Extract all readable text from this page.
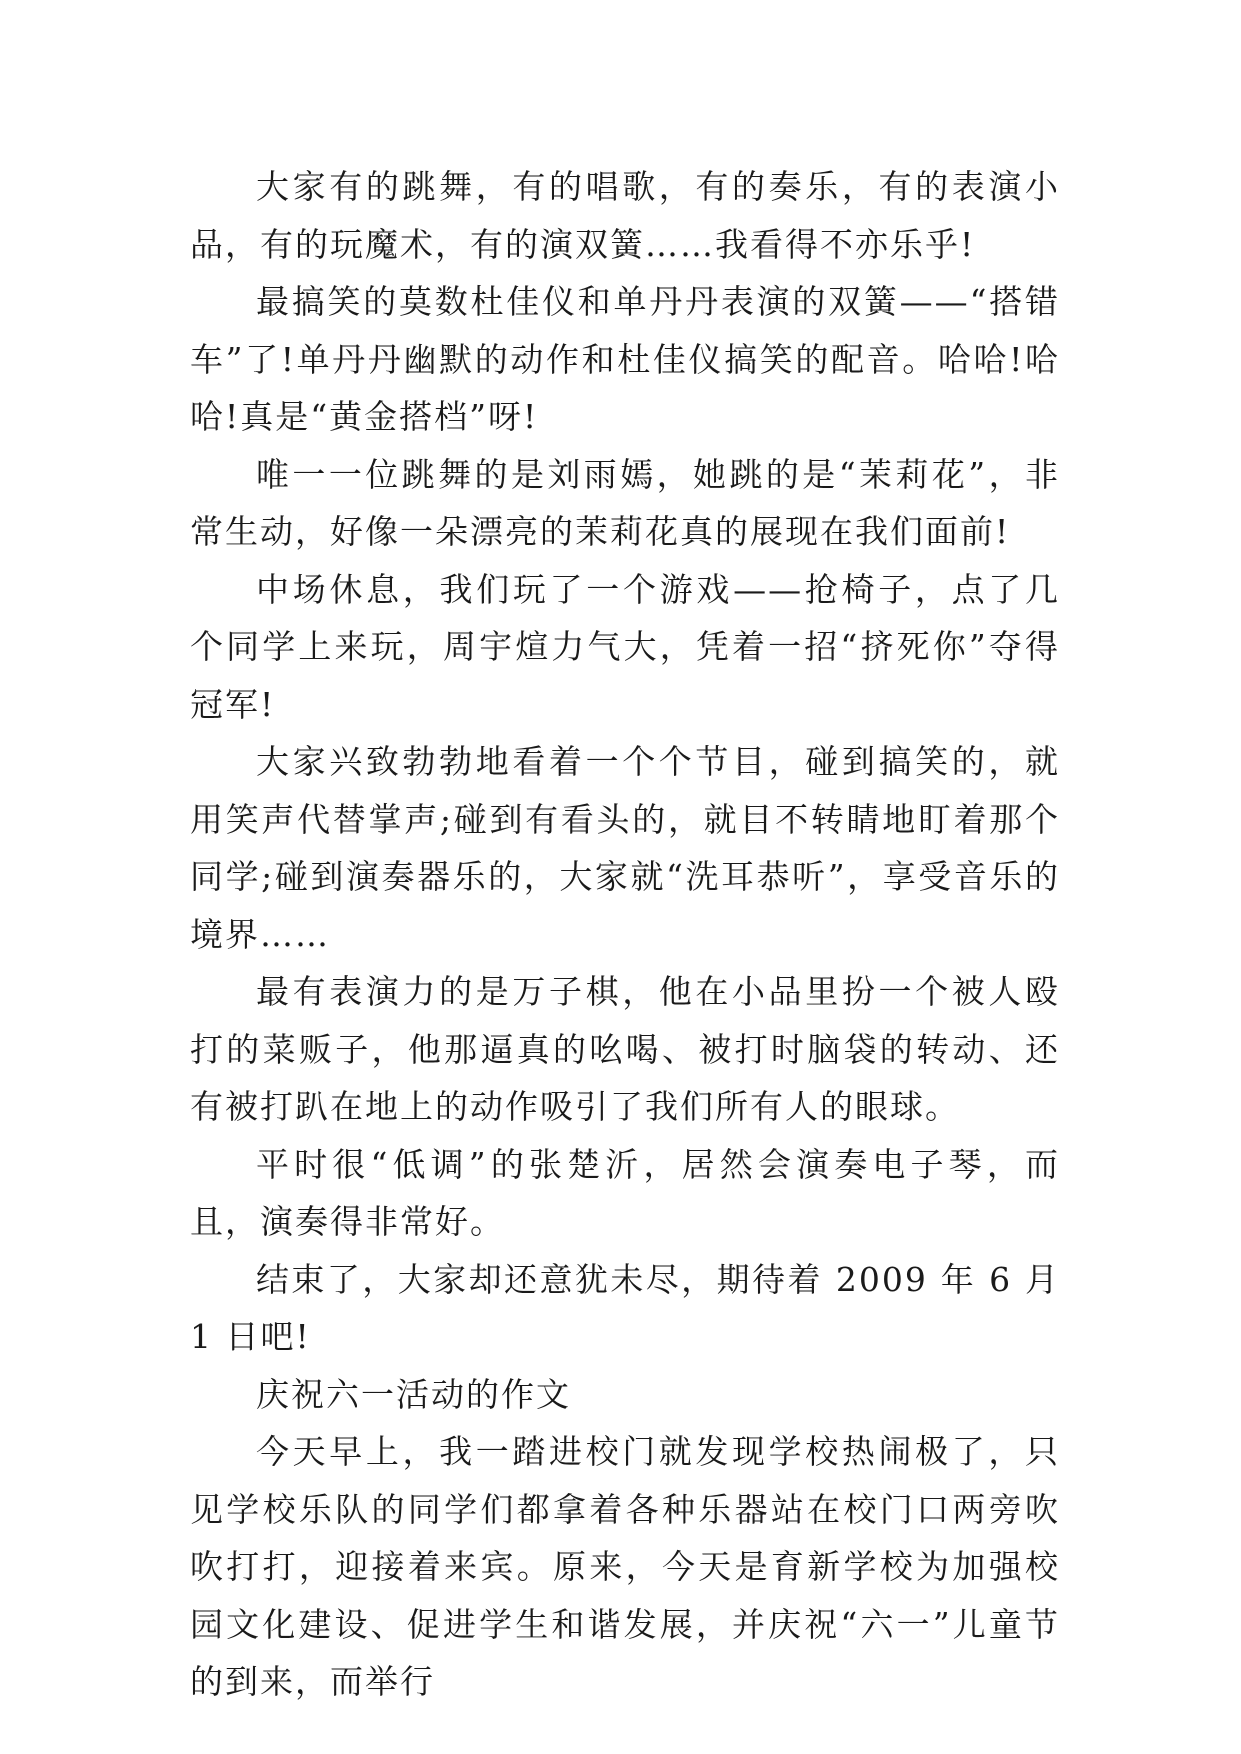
大家有的跳舞，有的唱歌，有的奏乐，有的表演小品，有的玩魔术，有的演双簧……我看得不亦乐乎!

最搞笑的莫数杜佳仪和单丹丹表演的双簧——“搭错车”了!单丹丹幽默的动作和杜佳仪搞笑的配音。哈哈!哈哈!真是“黄金搭档”呀!

唯一一位跳舞的是刘雨嫣，她跳的是“茉莉花”，非常生动，好像一朵漂亮的茉莉花真的展现在我们面前!

中场休息，我们玩了一个游戏——抢椅子，点了几个同学上来玩，周宇煊力气大，凭着一招“挤死你”夺得冠军!

大家兴致勃勃地看着一个个节目，碰到搞笑的，就用笑声代替掌声;碰到有看头的，就目不转睛地盯着那个同学;碰到演奏器乐的，大家就“洗耳恭听”，享受音乐的境界……

最有表演力的是万子棋，他在小品里扮一个被人殴打的菜贩子，他那逼真的吆喝、被打时脑袋的转动、还有被打趴在地上的动作吸引了我们所有人的眼球。

平时很“低调”的张楚沂，居然会演奏电子琴，而且，演奏得非常好。

结束了，大家却还意犹未尽，期待着 2009 年 6 月 1 日吧!

庆祝六一活动的作文

今天早上，我一踏进校门就发现学校热闹极了，只见学校乐队的同学们都拿着各种乐器站在校门口两旁吹吹打打，迎接着来宾。原来，今天是育新学校为加强校园文化建设、促进学生和谐发展，并庆祝“六一”儿童节的到来，而举行
